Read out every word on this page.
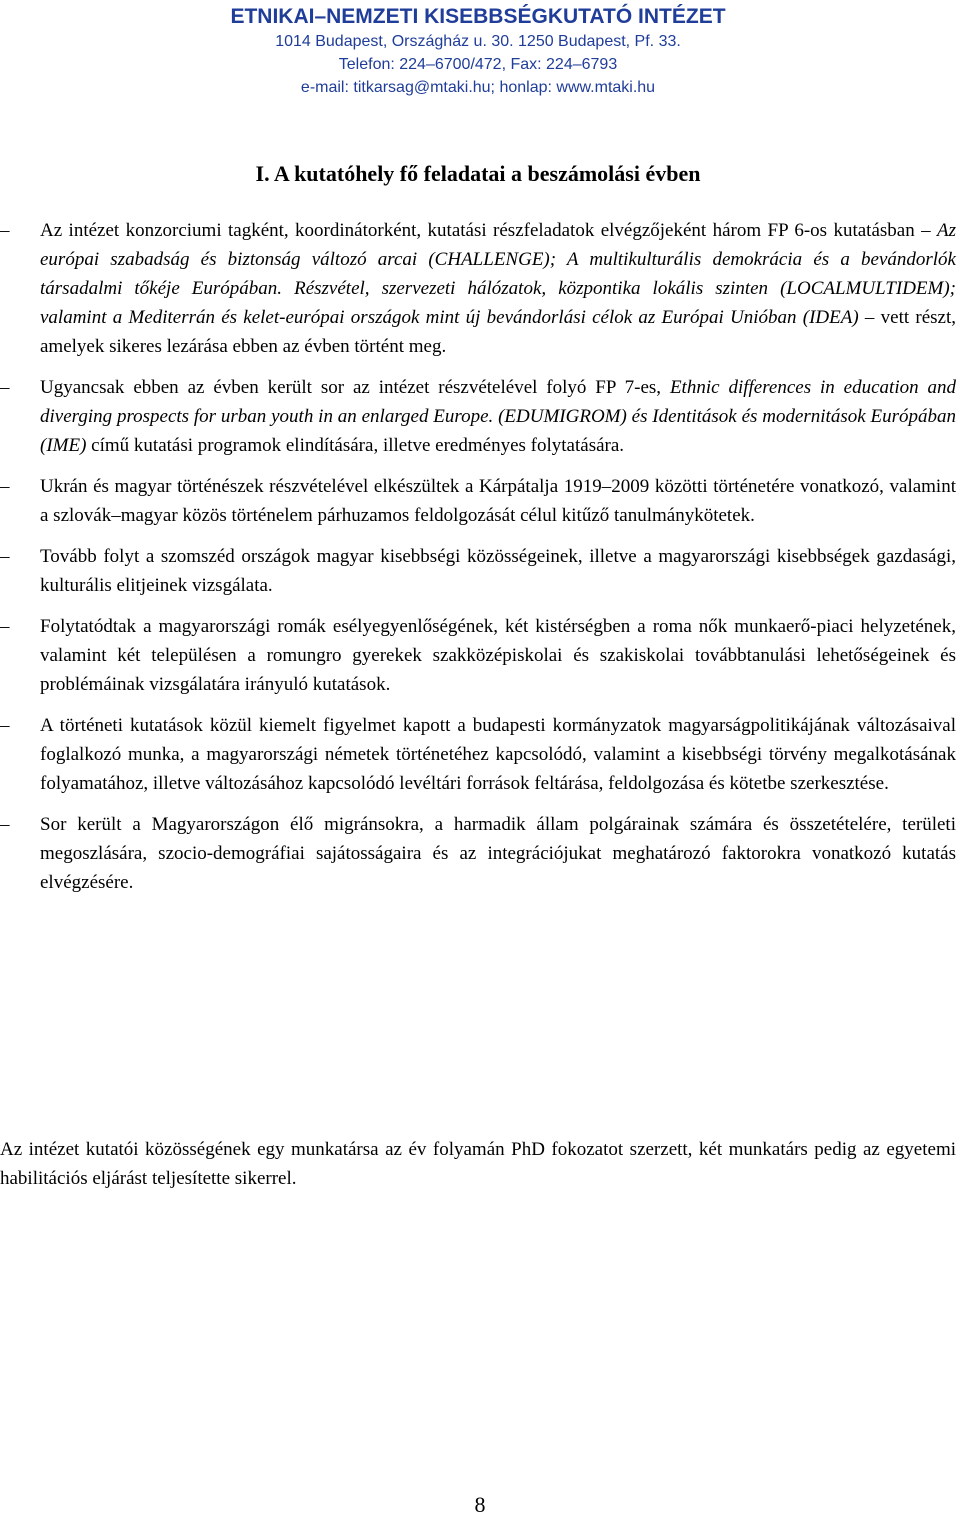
ETNIKAI–NEMZETI KISEBBSÉGKUTATÓ INTÉZET
1014 Budapest, Országház u. 30. 1250 Budapest, Pf. 33.
Telefon: 224–6700/472, Fax: 224–6793
e-mail: titkarsag@mtaki.hu; honlap: www.mtaki.hu
I. A kutatóhely fő feladatai a beszámolási évben
–	Az intézet konzorciumi tagként, koordinátorként, kutatási részfeladatok elvégzőjeként három FP 6-os kutatásban – Az európai szabadság és biztonság változó arcai (CHALLENGE); A multikulturális demokrácia és a bevándorlók társadalmi tőkéje Európában. Részvétel, szervezeti hálózatok, központika lokális szinten (LOCALMULTIDEM); valamint a Mediterrán és kelet-európai országok mint új bevándorlási célok az Európai Unióban (IDEA) – vett részt, amelyek sikeres lezárása ebben az évben történt meg.
–	Ugyancsak ebben az évben került sor az intézet részvételével folyó FP 7-es, Ethnic differences in education and diverging prospects for urban youth in an enlarged Europe. (EDUMIGROM) és Identitások és modernitások Európában (IME) című kutatási programok elindítására, illetve eredményes folytatására.
–	Ukrán és magyar történészek részvételével elkészültek a Kárpátalja 1919–2009 közötti történetére vonatkozó, valamint a szlovák–magyar közös történelem párhuzamos feldolgozását célul kitűző tanulmánykötetek.
–	Tovább folyt a szomszéd országok magyar kisebbségi közösségeinek, illetve a magyarországi kisebbségek gazdasági, kulturális elitjeinek vizsgálata.
–	Folytatódtak a magyarországi romák esélyegyenlőségének, két kistérségben a roma nők munkaerő-piaci helyzetének, valamint két településen a romungro gyerekek szakközépiskolai és szakiskolai továbbtanulási lehetőségeinek és problémáinak vizsgálatára irányuló kutatások.
–	A történeti kutatások közül kiemelt figyelmet kapott a budapesti kormányzatok magyarságpolitikájának változásaival foglalkozó munka, a magyarországi németek történetéhez kapcsolódó, valamint a kisebbségi törvény megalkotásának folyamatához, illetve változásához kapcsolódó levéltári források feltárása, feldolgozása és kötetbe szerkesztése.
–	Sor került a Magyarországon élő migránsokra, a harmadik állam polgárainak számára és összetételére, területi megoszlására, szocio-demográfiai sajátosságaira és az integrációjukat meghatározó faktorokra vonatkozó kutatás elvégzésére.
Az intézet kutatói közösségének egy munkatársa az év folyamán PhD fokozatot szerzett, két munkatárs pedig az egyetemi habilitációs eljárást teljesítette sikerrel.
8
